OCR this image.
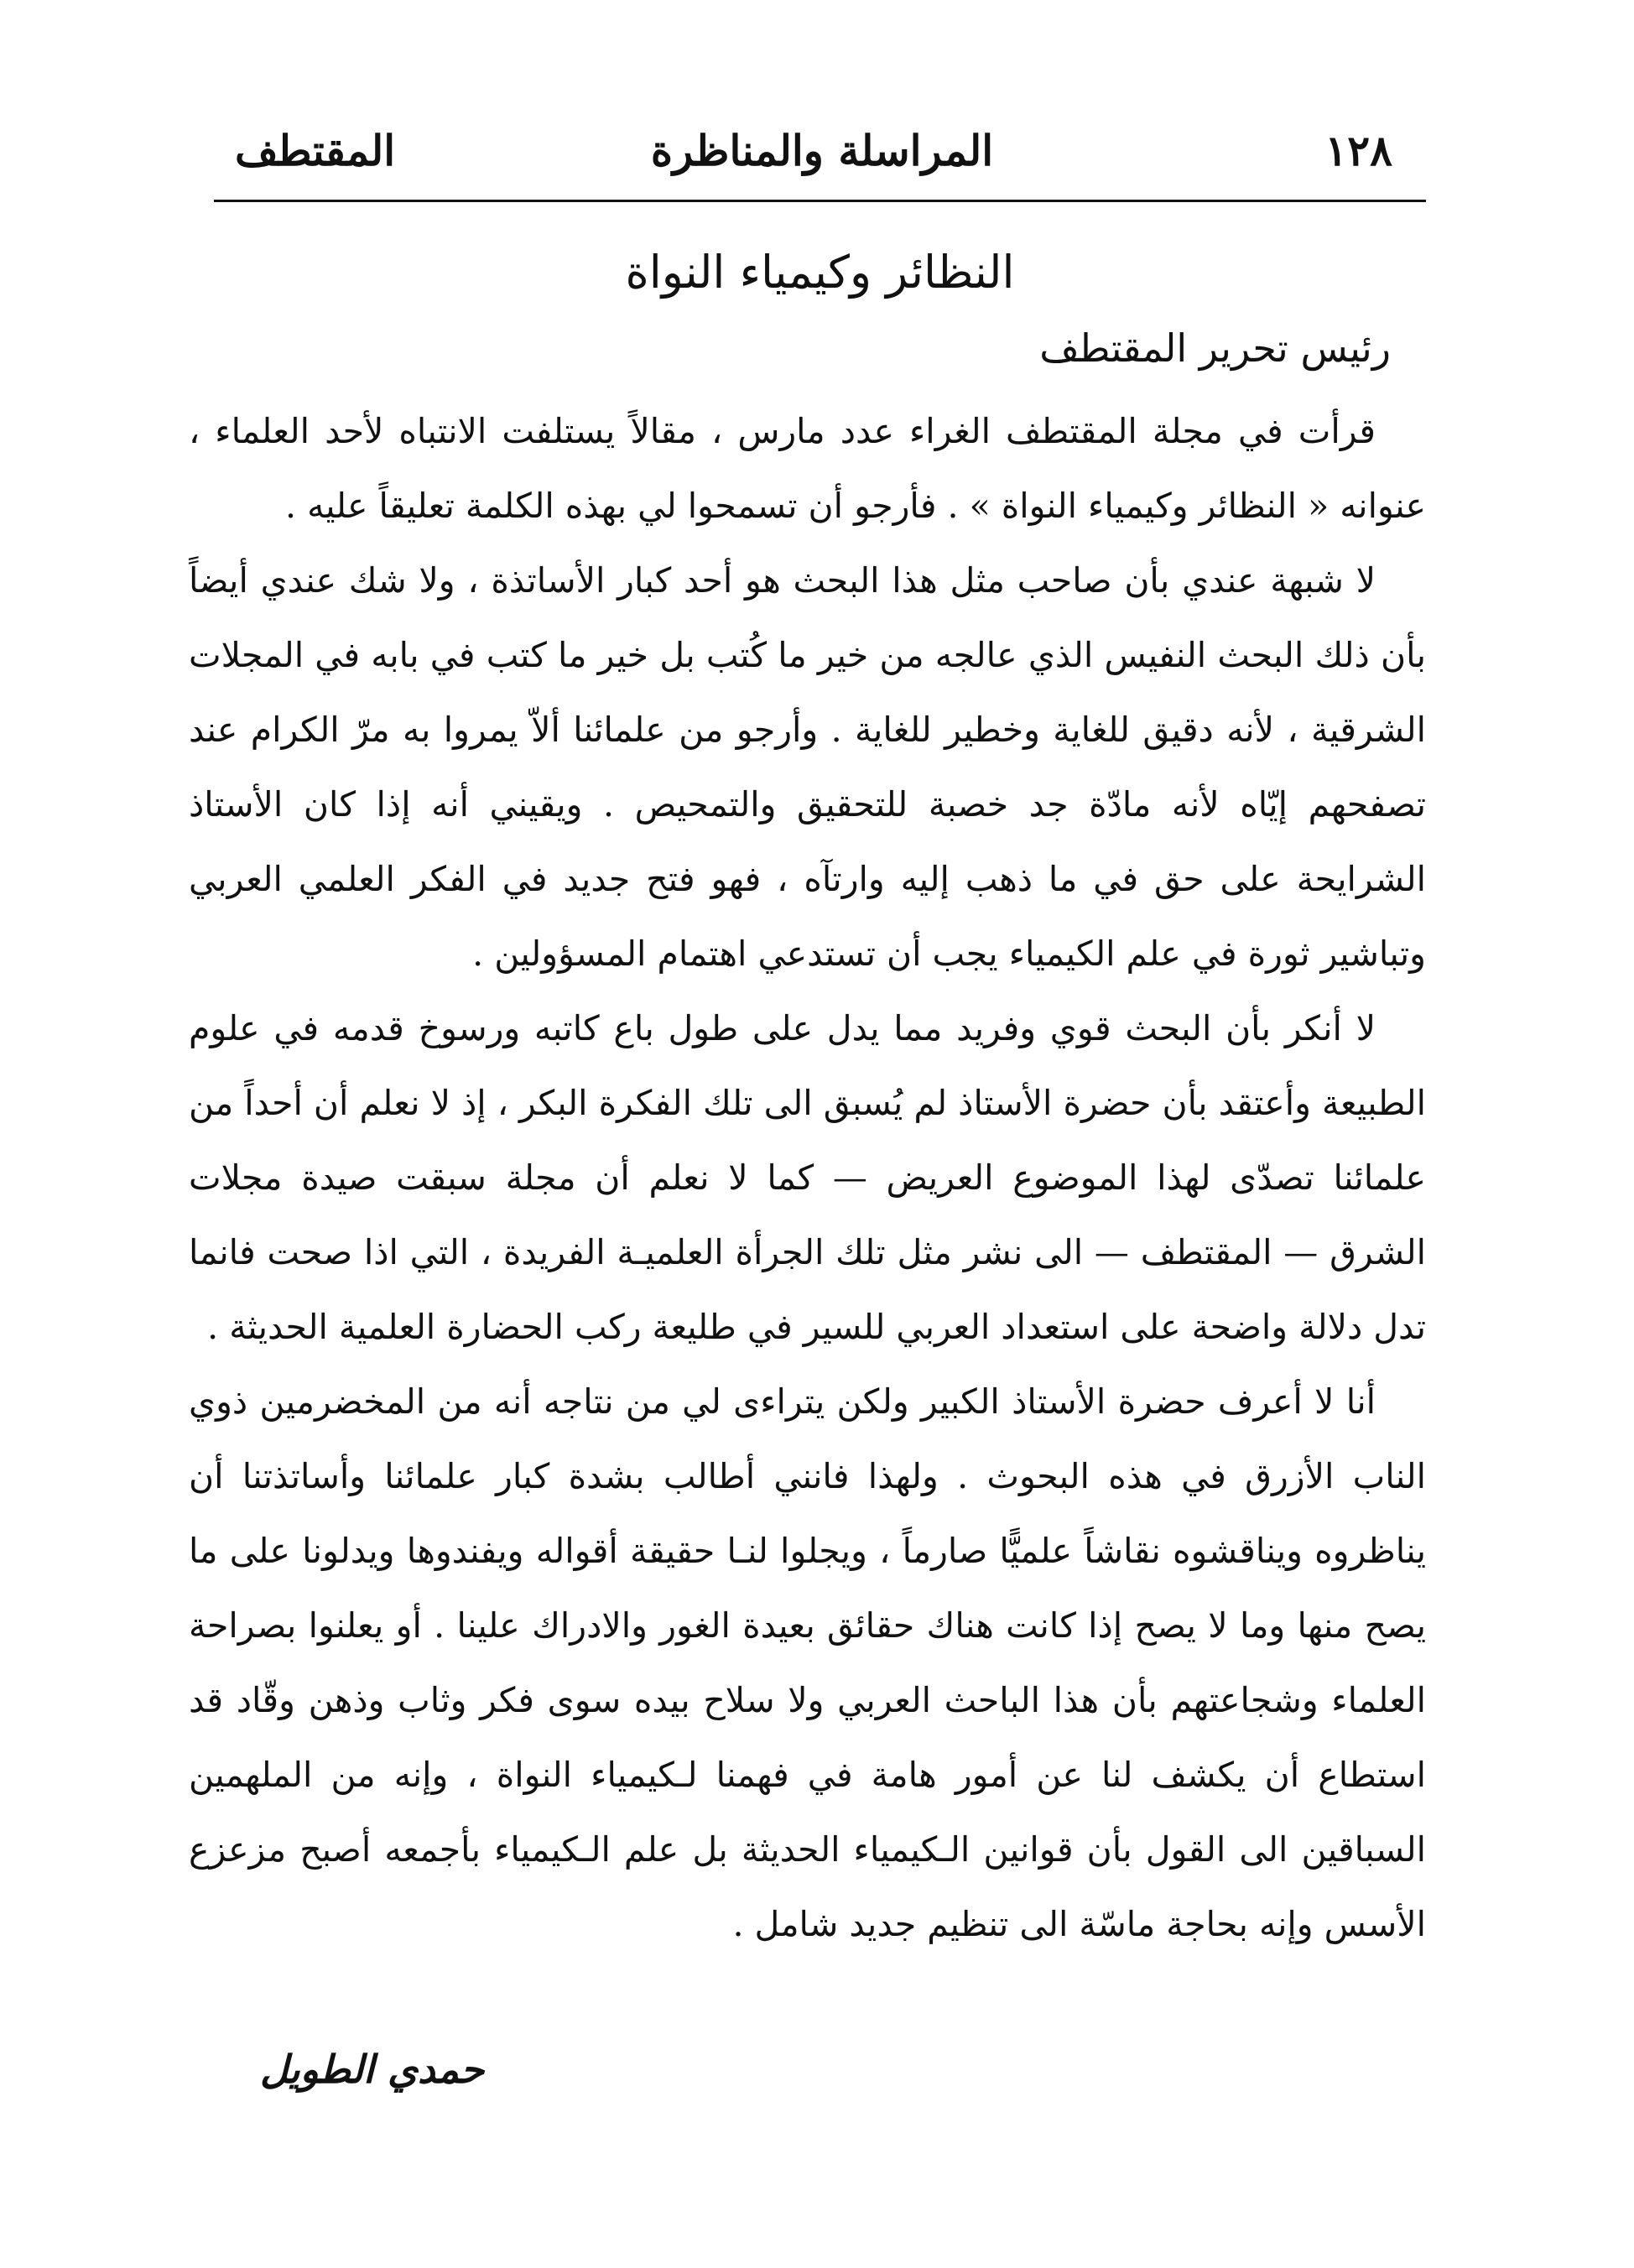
١٢٨
المراسلة والمناظرة
المقتطف
النظائر وكيمياء النواة
رئيس تحرير المقتطف

قرأت في مجلة المقتطف الغراء عدد مارس ، مقالاً يستلفت الانتباه لأحد العلماء ، عنوانه « النظائر وكيمياء النواة » . فأرجو أن تسمحوا لي بهذه الكلمة تعليقاً عليه .

لا شبهة عندي بأن صاحب مثل هذا البحث هو أحد كبار الأساتذة ، ولا شك عندي أيضاً بأن ذلك البحث النفيس الذي عالجه من خير ما كُتب بل خير ما كتب في بابه في المجلات الشرقية ، لأنه دقيق للغاية وخطير للغاية . وأرجو من علمائنا ألاّ يمروا به مرّ الكرام عند تصفحهم إيّاه لأنه مادّة جد خصبة للتحقيق والتمحيص . ويقيني أنه إذا كان الأستاذ الشرايحة على حق في ما ذهب إليه وارتآه ، فهو فتح جديد في الفكر العلمي العربي وتباشير ثورة في علم الكيمياء يجب أن تستدعي اهتمام المسؤولين .

لا أنكر بأن البحث قوي وفريد مما يدل على طول باع كاتبه ورسوخ قدمه في علوم الطبيعة وأعتقد بأن حضرة الأستاذ لم يُسبق الى تلك الفكرة البكر ، إذ لا نعلم أن أحداً من علمائنا تصدّى لهذا الموضوع العريض — كما لا نعلم أن مجلة سبقت صيدة مجلات الشرق — المقتطف — الى نشر مثل تلك الجرأة العلميـة الفريدة ، التي اذا صحت فانما تدل دلالة واضحة على استعداد العربي للسير في طليعة ركب الحضارة العلمية الحديثة .

أنا لا أعرف حضرة الأستاذ الكبير ولكن يتراءى لي من نتاجه أنه من المخضرمين ذوي الناب الأزرق في هذه البحوث . ولهذا فانني أطالب بشدة كبار علمائنا وأساتذتنا أن يناظروه ويناقشوه نقاشاً علميًّا صارماً ، ويجلوا لنـا حقيقة أقواله ويفندوها ويدلونا على ما يصح منها وما لا يصح إذا كانت هناك حقائق بعيدة الغور والادراك علينا . أو يعلنوا بصراحة العلماء وشجاعتهم بأن هذا الباحث العربي ولا سلاح بيده سوى فكر وثاب وذهن وقّاد قد استطاع أن يكشف لنا عن أمور هامة في فهمنا لـكيمياء النواة ، وإنه من الملهمين السباقين الى القول بأن قوانين الـكيمياء الحديثة بل علم الـكيمياء بأجمعه أصبح مزعزع الأسس وإنه بحاجة ماسّة الى تنظيم جديد شامل .

حمدي الطويل
